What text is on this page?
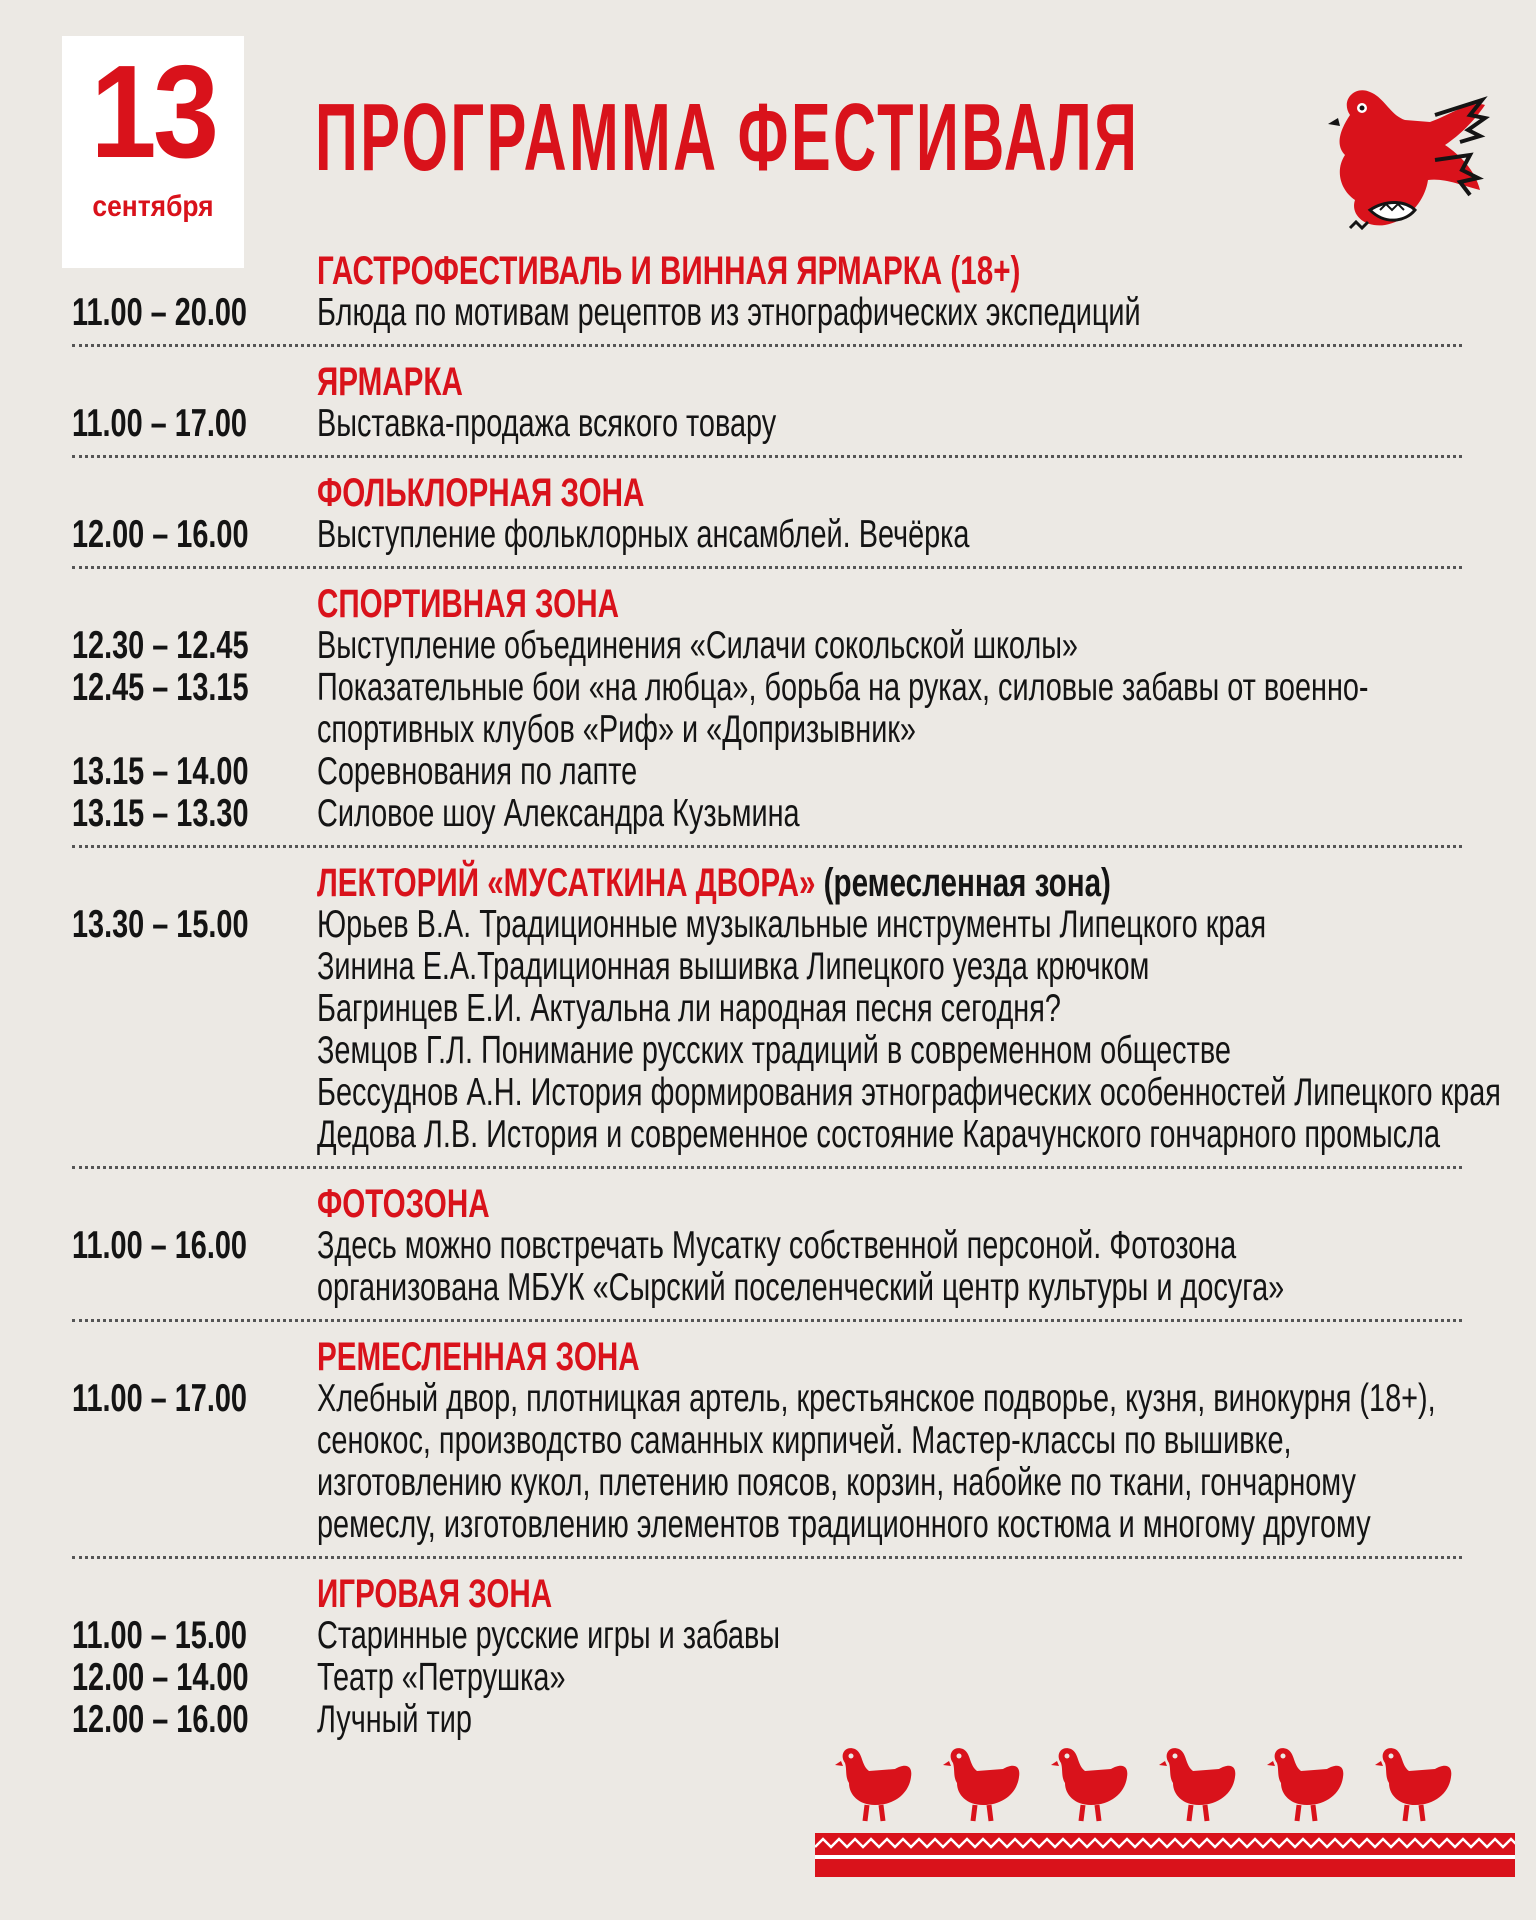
13
сентября
ПРОГРАММА ФЕСТИВАЛЯ
ГАСТРОФЕСТИВАЛЬ И ВИННАЯ ЯРМАРКА (18+)
11.00 – 20.00 Блюда по мотивам рецептов из этнографических экспедиций
ЯРМАРКА
11.00 – 17.00 Выставка-продажа всякого товару
ФОЛЬКЛОРНАЯ ЗОНА
12.00 – 16.00 Выступление фольклорных ансамблей. Вечёрка
СПОРТИВНАЯ ЗОНА
12.30 – 12.45 Выступление объединения «Силачи сокольской школы»
12.45 – 13.15 Показательные бои «на любца», борьба на руках, силовые забавы от военно-
спортивных клубов «Риф» и «Допризывник»
13.15 – 14.00 Соревнования по лапте
13.15 – 13.30 Силовое шоу Александра Кузьмина
ЛЕКТОРИЙ «МУСАТКИНА ДВОРА» (ремесленная зона)
13.30 – 15.00 Юрьев В.А. Традиционные музыкальные инструменты Липецкого края
Зинина Е.А.Традиционная вышивка Липецкого уезда крючком
Багринцев Е.И. Актуальна ли народная песня сегодня?
Земцов Г.Л. Понимание русских традиций в современном обществе
Бессуднов А.Н. История формирования этнографических особенностей Липецкого края
Дедова Л.В. История и современное состояние Карачунского гончарного промысла
ФОТОЗОНА
11.00 – 16.00 Здесь можно повстречать Мусатку собственной персоной. Фотозона
организована МБУК «Сырский поселенческий центр культуры и досуга»
РЕМЕСЛЕННАЯ ЗОНА
11.00 – 17.00 Хлебный двор, плотницкая артель, крестьянское подворье, кузня, винокурня (18+),
сенокос, производство саманных кирпичей. Мастер-классы по вышивке,
изготовлению кукол, плетению поясов, корзин, набойке по ткани, гончарному
ремеслу, изготовлению элементов традиционного костюма и многому другому
ИГРОВАЯ ЗОНА
11.00 – 15.00 Старинные русские игры и забавы
12.00 – 14.00 Театр «Петрушка»
12.00 – 16.00 Лучный тир
